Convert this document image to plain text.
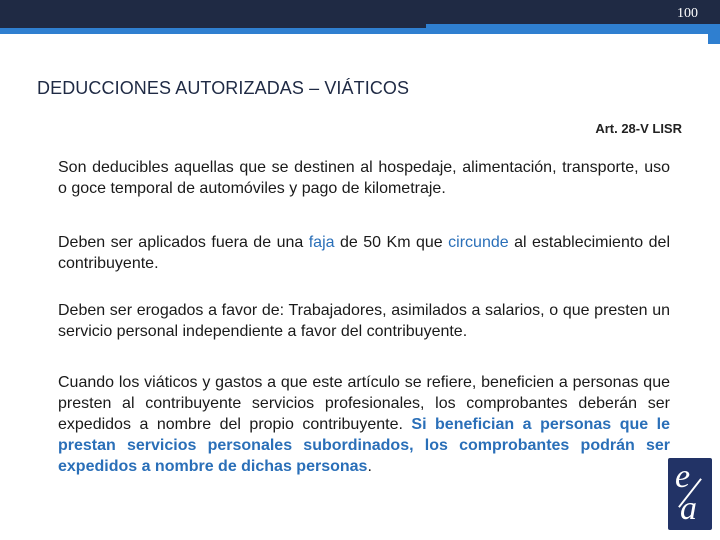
100
DEDUCCIONES AUTORIZADAS – VIÁTICOS
Art. 28-V LISR

Son deducibles aquellas que se destinen al hospedaje, alimentación, transporte, uso o goce temporal de automóviles y pago de kilometraje.

Deben ser aplicados fuera de una faja de 50 Km que circunde al establecimiento del contribuyente.

Deben ser erogados a favor de: Trabajadores, asimilados a salarios, o que presten un servicio personal independiente a favor del contribuyente.

Cuando los viáticos y gastos a que este artículo se refiere, beneficien a personas que presten al contribuyente servicios profesionales, los comprobantes deberán ser expedidos a nombre del propio contribuyente. Si benefician a personas que le prestan servicios personales subordinados, los comprobantes podrán ser expedidos a nombre de dichas personas.	e
a
